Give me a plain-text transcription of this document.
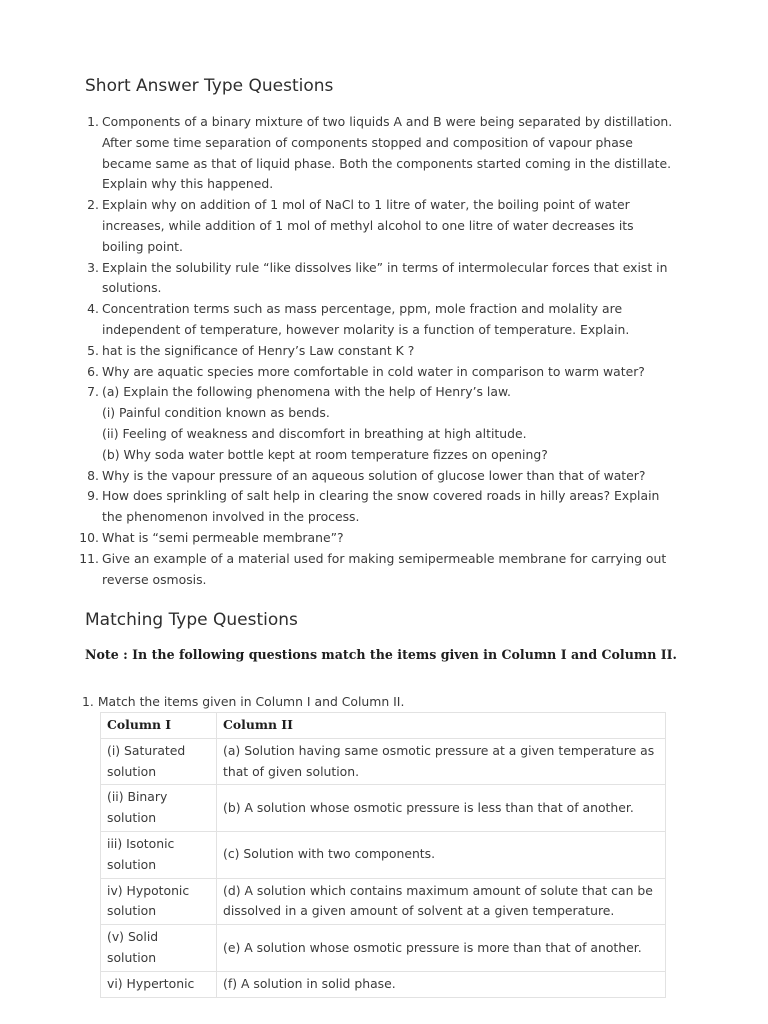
Short Answer Type Questions
1. Components of a binary mixture of two liquids A and B were being separated by distillation. After some time separation of components stopped and composition of vapour phase became same as that of liquid phase. Both the components started coming in the distillate. Explain why this happened.
2. Explain why on addition of 1 mol of NaCl to 1 litre of water, the boiling point of water increases, while addition of 1 mol of methyl alcohol to one litre of water decreases its boiling point.
3. Explain the solubility rule “like dissolves like” in terms of intermolecular forces that exist in solutions.
4. Concentration terms such as mass percentage, ppm, mole fraction and molality are independent of temperature, however molarity is a function of temperature. Explain.
5. hat is the significance of Henry’s Law constant K ?
6. Why are aquatic species more comfortable in cold water in comparison to warm water?
7. (a) Explain the following phenomena with the help of Henry’s law.
(i) Painful condition known as bends.
(ii) Feeling of weakness and discomfort in breathing at high altitude.
(b) Why soda water bottle kept at room temperature fizzes on opening?
8. Why is the vapour pressure of an aqueous solution of glucose lower than that of water?
9. How does sprinkling of salt help in clearing the snow covered roads in hilly areas? Explain the phenomenon involved in the process.
10. What is “semi permeable membrane”?
11. Give an example of a material used for making semipermeable membrane for carrying out reverse osmosis.
Matching Type Questions

Note : In the following questions match the items given in Column I and Column II.

1. Match the items given in Column I and Column II.

Column I	Column II
(i) Saturated solution	(a) Solution having same osmotic pressure at a given temperature as that of given solution.
(ii) Binary solution	(b) A solution whose osmotic pressure is less than that of another.
iii) Isotonic solution	(c) Solution with two components.
iv) Hypotonic solution	(d) A solution which contains maximum amount of solute that can be dissolved in a given amount of solvent at a given temperature.
(v) Solid solution	(e) A solution whose osmotic pressure is more than that of another.
vi) Hypertonic	(f) A solution in solid phase.
